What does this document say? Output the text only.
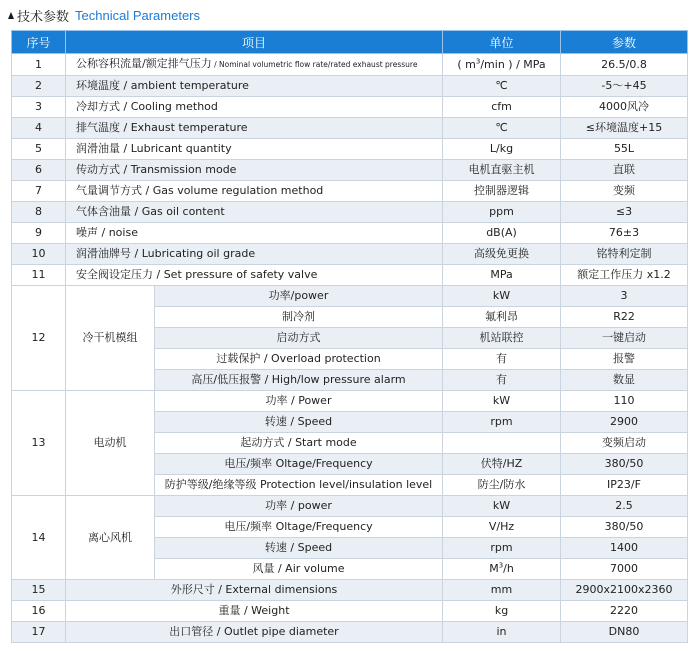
技术参数 Technical Parameters
序号	项目		单位	参数
1	公称容积流量/额定排气压力 / Nominal volumetric flow rate/rated exhaust pressure		( $m^3/\min$ ) / MPa	26.5/0.8
2	环境温度 / ambient temperature		℃	-5～+45
3	冷却方式 / Cooling method		cfm	4000风冷
4	排气温度 / Exhaust temperature		℃	≤环境温度+15
5	润滑油量 / Lubricant quantity		L/kg	55L
6	传动方式 / Transmission mode		电机直驱主机	直联
7	气量调节方式 / Gas volume regulation method		控制器逻辑	变频
8	气体含油量 / Gas oil content		ppm	≤3
9	噪声 / noise		dB(A)	76±3
10	润滑油牌号 / Lubricating oil grade		高级免更换	铭特利定制
11	安全阀设定压力 / Set pressure of safety valve		MPa	额定工作压力 x1.2
12	冷干机模组	功率/power	kW	3
		制冷剂	氟利昂	R22
		启动方式	机站联控	一键启动
		过载保护 / Overload protection	有	报警
		高压/低压报警 / High/low pressure alarm	有	数显
13	电动机	功率 / Power	kW	110
		转速 / Speed	rpm	2900
		起动方式 / Start mode		变频启动
		电压/频率 Oltage/Frequency	伏特/HZ	380/50
		防护等级/绝缘等级 Protection level/insulation level	防尘/防水	IP23/F
14	离心风机	功率 / power	kW	2.5
		电压/频率 Oltage/Frequency	V/Hz	380/50
		转速 / Speed	rpm	1400
		风量 / Air volume	$M^3/h$	7000
15	外形尺寸 / External dimensions		mm	2900x2100x2360
16	重量 / Weight		kg	2220
17	出口管径 / Outlet pipe diameter		in	DN80
